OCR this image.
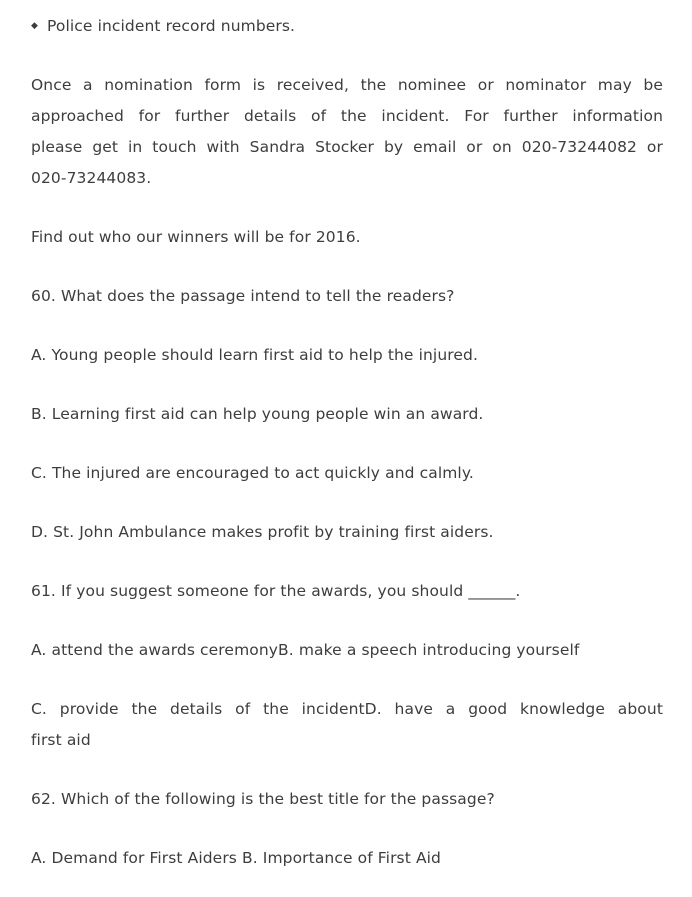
◆ Police incident record numbers.
Once a nomination form is received, the nominee or nominator may be
approached for further details of the incident. For further information
please get in touch with Sandra Stocker by email or on 020-73244082 or
020-73244083.

Find out who our winners will be for 2016.

60. What does the passage intend to tell the readers?

A. Young people should learn first aid to help the injured.

B. Learning first aid can help young people win an award.

C. The injured are encouraged to act quickly and calmly.

D. St. John Ambulance makes profit by training first aiders.

61. If you suggest someone for the awards, you should ______.

A. attend the awards ceremonyB. make a speech introducing yourself

C. provide the details of the incidentD. have a good knowledge about
first aid

62. Which of the following is the best title for the passage?

A. Demand for First Aiders B. Importance of First Aid
